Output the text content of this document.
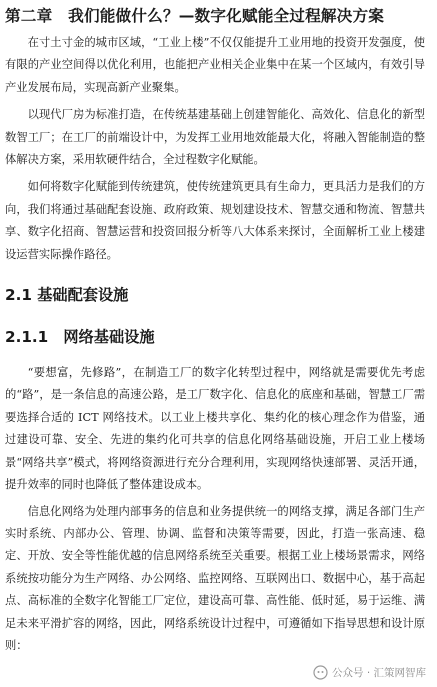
第二章　我们能做什么？—数字化赋能全过程解决方案

在寸土寸金的城市区域，“工业上楼”不仅仅能提升工业用地的投资开发强度，使有限的产业空间得以优化利用，也能把产业相关企业集中在某一个区域内，有效引导产业发展布局，实现高新产业聚集。

以现代厂房为标准打造，在传统基建基础上创建智能化、高效化、信息化的新型数智工厂；在工厂的前端设计中，为发挥工业用地效能最大化，将融入智能制造的整体解决方案，采用软硬件结合，全过程数字化赋能。

如何将数字化赋能到传统建筑，使传统建筑更具有生命力，更具活力是我们的方向，我们将通过基础配套设施、政府政策、规划建设技术、智慧交通和物流、智慧共享、数字化招商、智慧运营和投资回报分析等八大体系来探讨，全面解析工业上楼建设运营实际操作路径。

2.1 基础配套设施
2.1.1　网络基础设施

“要想富，先修路”，在制造工厂的数字化转型过程中，网络就是需要优先考虑的“路”，是一条信息的高速公路，是工厂数字化、信息化的底座和基础，智慧工厂需要选择合适的 ICT 网络技术。以工业上楼共享化、集约化的核心理念作为借鉴，通过建设可靠、安全、先进的集约化可共享的信息化网络基础设施，开启工业上楼场景“网络共享”模式，将网络资源进行充分合理利用，实现网络快速部署、灵活开通，提升效率的同时也降低了整体建设成本。

信息化网络为处理内部事务的信息和业务提供统一的网络支撑，满足各部门生产实时系统、内部办公、管理、协调、监督和决策等需要，因此，打造一张高速、稳定、开放、安全等性能优越的信息网络系统至关重要。根据工业上楼场景需求，网络系统按功能分为生产网络、办公网络、监控网络、互联网出口、数据中心，基于高起点、高标准的全数字化智能工厂定位，建设高可靠、高性能、低时延，易于运维、满足未来平滑扩容的网络，因此，网络系统设计过程中，可遵循如下指导思想和设计原则：

公众号 · 汇策网智库
